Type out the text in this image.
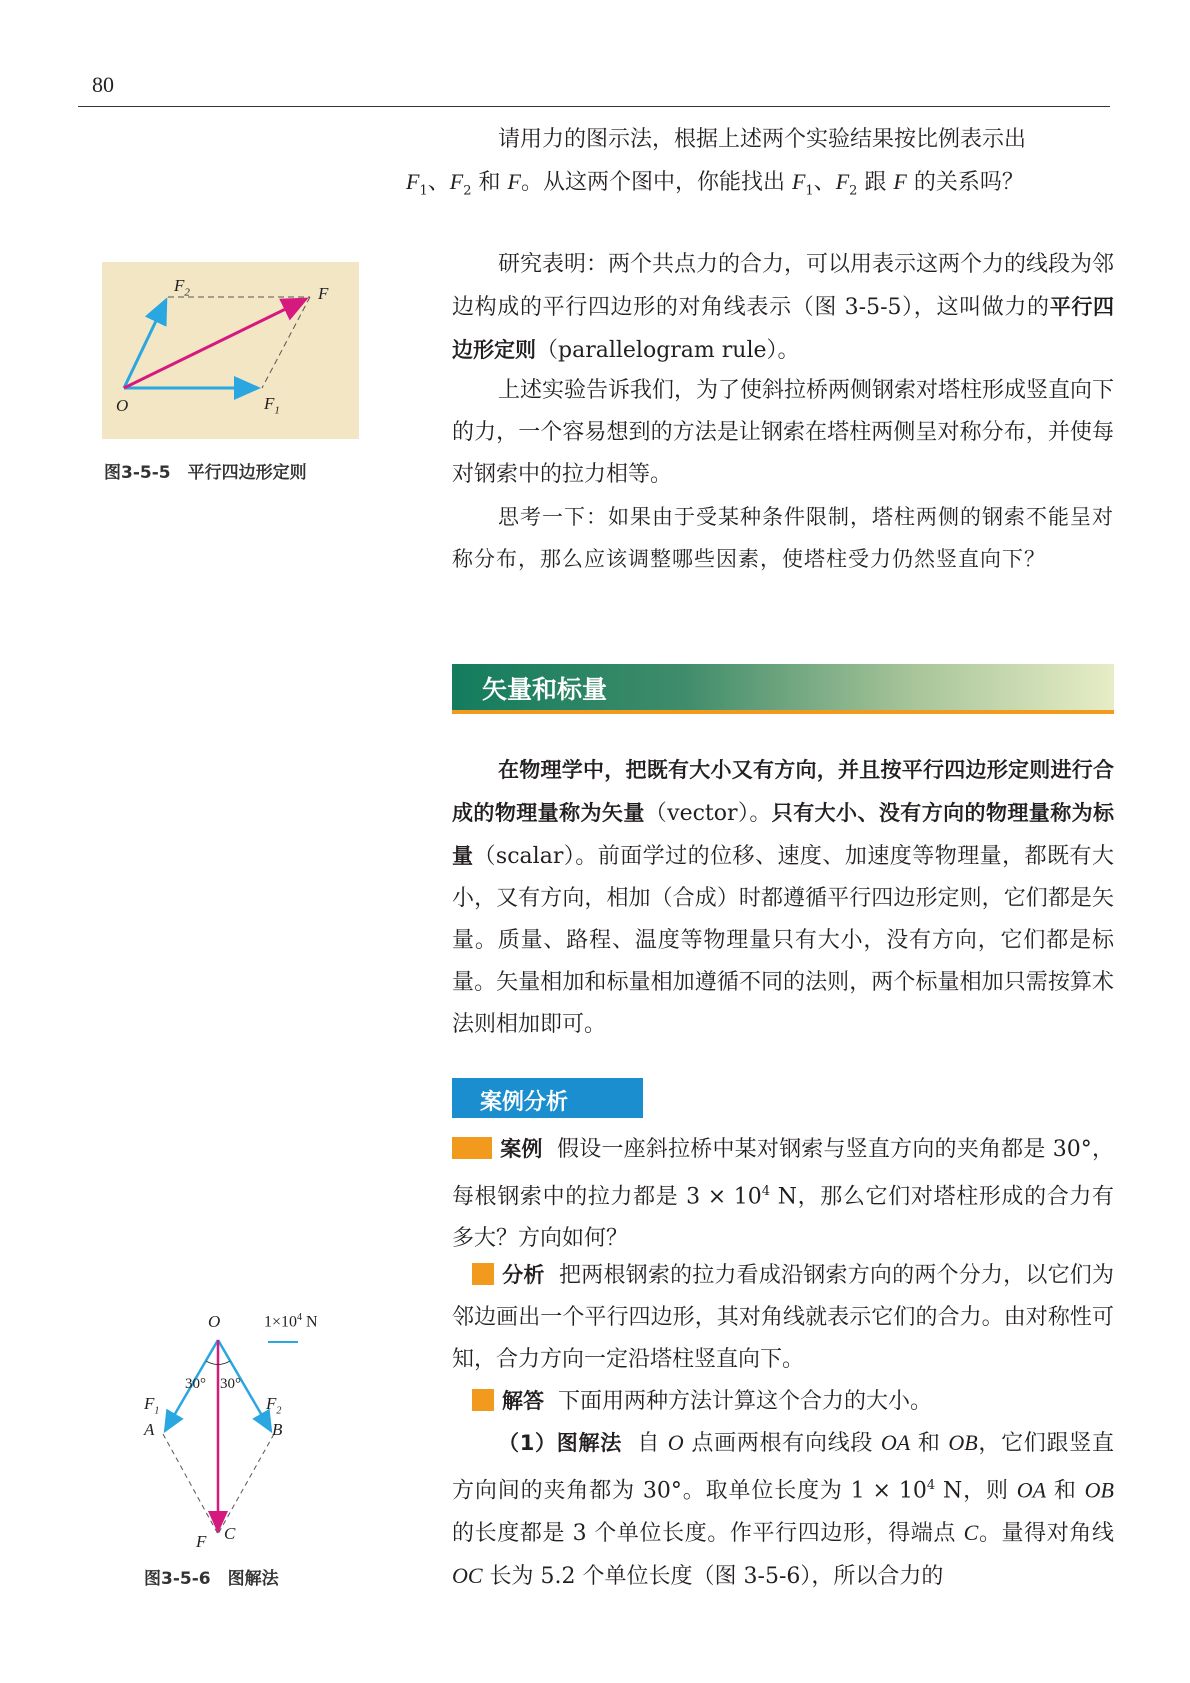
80
请用力的图示法，根据上述两个实验结果按比例表示出
$F_1$、$F_2$ 和 F。从这两个图中，你能找出 $F_1$、$F_2$ 跟 F 的关系吗？
研究表明：两个共点力的合力，可以用表示这两个力的线段为邻边构成的平行四边形的对角线表示（图 3-5-5），这叫做力的平行四边形定则（parallelogram rule）。
上述实验告诉我们，为了使斜拉桥两侧钢索对塔柱形成竖直向下的力，一个容易想到的方法是让钢索在塔柱两侧呈对称分布，并使每对钢索中的拉力相等。
思考一下：如果由于受某种条件限制，塔柱两侧的钢索不能呈对称分布，那么应该调整哪些因素，使塔柱受力仍然竖直向下？
矢量和标量
在物理学中，把既有大小又有方向，并且按平行四边形定则进行合成的物理量称为矢量（vector）。只有大小、没有方向的物理量称为标量（scalar）。前面学过的位移、速度、加速度等物理量，都既有大小，又有方向，相加（合成）时都遵循平行四边形定则，它们都是矢量。质量、路程、温度等物理量只有大小，没有方向，它们都是标量。矢量相加和标量相加遵循不同的法则，两个标量相加只需按算术法则相加即可。
案例分析
案例 假设一座斜拉桥中某对钢索与竖直方向的夹角都是 30°，每根钢索中的拉力都是 $3 \times 10^4$ N，那么它们对塔柱形成的合力有多大？方向如何？
分析 把两根钢索的拉力看成沿钢索方向的两个分力，以它们为邻边画出一个平行四边形，其对角线就表示它们的合力。由对称性可知，合力方向一定沿塔柱竖直向下。
解答 下面用两种方法计算这个合力的大小。
（1）图解法 自 O 点画两根有向线段 OA 和 OB，它们跟竖直方向间的夹角都为 30°。取单位长度为 $1 \times 10^4$ N，则 OA 和 OB 的长度都是 3 个单位长度。作平行四边形，得端点 C。量得对角线 OC 长为 5.2 个单位长度（图 3-5-6），所以合力的
$F_2$	F
O	$F_1$
图3-5-5　平行四边形定则
O	$1\times 10^4$ N
$F_1$
A
30° 30°
$F_2$
B
F C
图3-5-6　图解法
